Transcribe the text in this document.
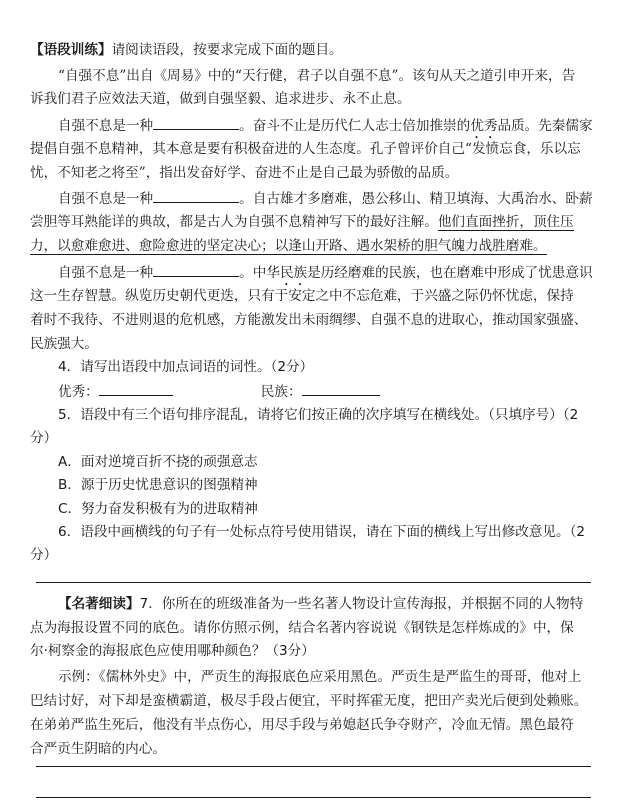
【语段训练】请阅读语段，按要求完成下面的题目。
“自强不息”出自《周易》中的“天行健，君子以自强不息”。该句从天之道引申开来，告
诉我们君子应效法天道，做到自强坚毅、追求进步、永不止息。
自强不息是一种	。奋斗不止是历代仁人志士倍加推崇的优秀品质。先秦儒家
提倡自强不息精神，其本意是要有积极奋进的人生态度。孔子曾评价自己“发愤忘食，乐以忘
忧，不知老之将至”，指出发奋好学、奋进不止是自己最为骄傲的品质。
自强不息是一种	。自古雄才多磨难，愚公移山、精卫填海、大禹治水、卧薪
尝胆等耳熟能详的典故，都是古人为自强不息精神写下的最好注解。他们直面挫折，顶住压
力，以愈难愈进、愈险愈进的坚定决心；以逢山开路、遇水架桥的胆气魄力战胜磨难。
自强不息是一种	。中华民族是历经磨难的民族，也在磨难中形成了忧患意识
这一生存智慧。纵览历史朝代更迭，只有于安定之中不忘危难，于兴盛之际仍怀忧虑，保持
着时不我待、不进则退的危机感，方能激发出未雨绸缪、自强不息的进取心，推动国家强盛、
民族强大。
4．请写出语段中加点词语的词性。（2分）
优秀：	民族：
5．语段中有三个语句排序混乱，请将它们按正确的次序填写在横线处。（只填序号）（2
分）
A．面对逆境百折不挠的顽强意志
B．源于历史忧患意识的图强精神
C．努力奋发积极有为的进取精神
6．语段中画横线的句子有一处标点符号使用错误，请在下面的横线上写出修改意见。（2
分）
【名著细读】7．你所在的班级准备为一些名著人物设计宣传海报，并根据不同的人物特
点为海报设置不同的底色。请你仿照示例，结合名著内容说说《钢铁是怎样炼成的》中，保
尔·柯察金的海报底色应使用哪种颜色？（3分）
示例：《儒林外史》中，严贡生的海报底色应采用黑色。严贡生是严监生的哥哥，他对上
巴结讨好，对下却是蛮横霸道，极尽手段占便宜，平时挥霍无度，把田产卖光后便到处赖账。
在弟弟严监生死后，他没有半点伤心，用尽手段与弟媳赵氏争夺财产，冷血无情。黑色最符
合严贡生阴暗的内心。
